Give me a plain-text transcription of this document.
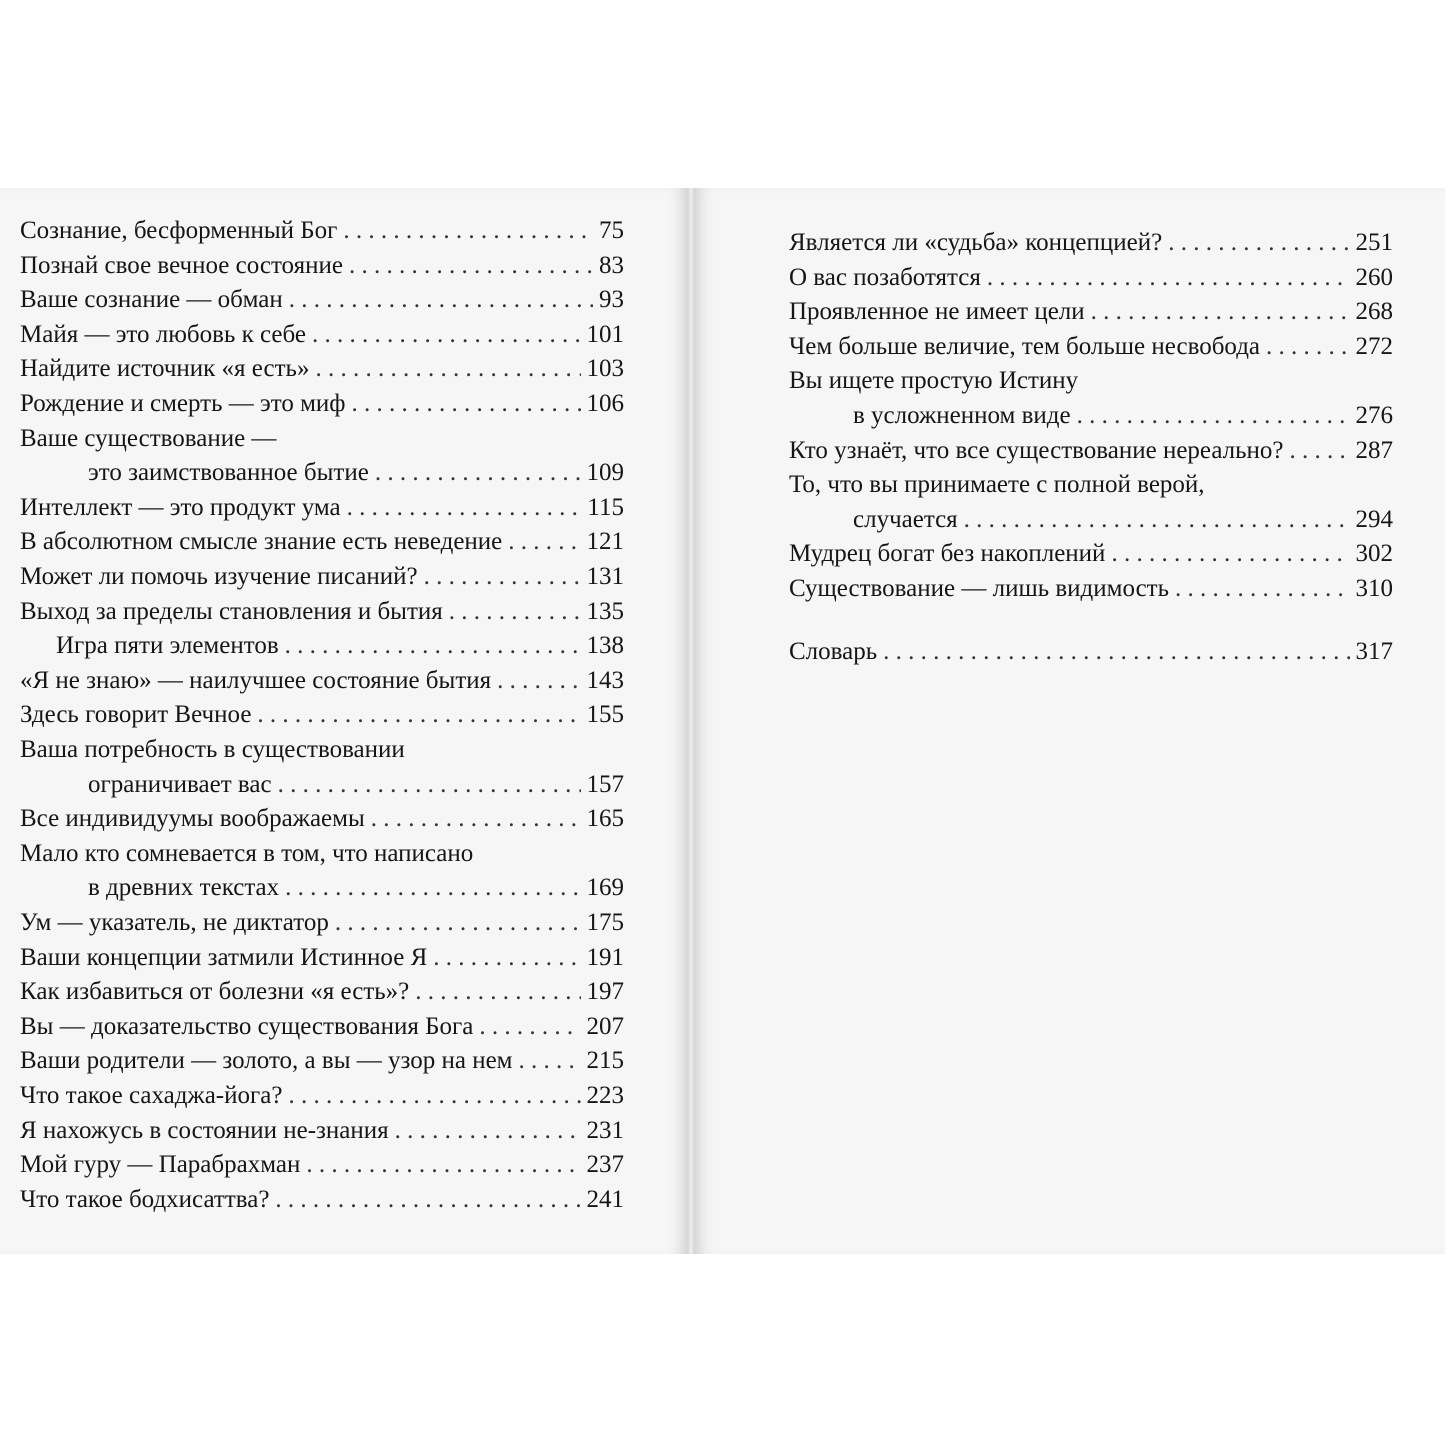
Сознание, бесформенный Бог . . .	75
Познай свое вечное состояние . . .	83
Ваше сознание — обман . . .	93
Майя — это любовь к себе . . .	101
Найдите источник «я есть» . . .	103
Рождение и смерть — это миф . . .	106
Ваше существование —
это заимствованное бытие . . .	109
Интеллект — это продукт ума . . .	115
В абсолютном смысле знание есть неведение . . .	121
Может ли помочь изучение писаний? . . .	131
Выход за пределы становления и бытия . . .	135
Игра пяти элементов . . .	138
«Я не знаю» — наилучшее состояние бытия . . .	143
Здесь говорит Вечное . . .	155
Ваша потребность в существовании
ограничивает вас . . .	157
Все индивидуумы воображаемы . . .	165
Мало кто сомневается в том, что написано
в древних текстах . . .	169
Ум — указатель, не диктатор . . .	175
Ваши концепции затмили Истинное Я . . .	191
Как избавиться от болезни «я есть»? . . .	197
Вы — доказательство существования Бога . . .	207
Ваши родители — золото, а вы — узор на нем . . .	215
Что такое сахаджа-йога? . . .	223
Я нахожусь в состоянии не-знания . . .	231
Мой гуру — Парабрахман . . .	237
Что такое бодхисаттва? . . .	241
Является ли «судьба» концепцией? . . .	251
О вас позаботятся . . .	260
Проявленное не имеет цели . . .	268
Чем больше величие, тем больше несвобода . . .	272
Вы ищете простую Истину
в усложненном виде . . .	276
Кто узнаёт, что все существование нереально? . . .	287
То, что вы принимаете с полной верой,
случается . . .	294
Мудрец богат без накоплений . . .	302
Существование — лишь видимость . . .	310
Словарь . . .	317
